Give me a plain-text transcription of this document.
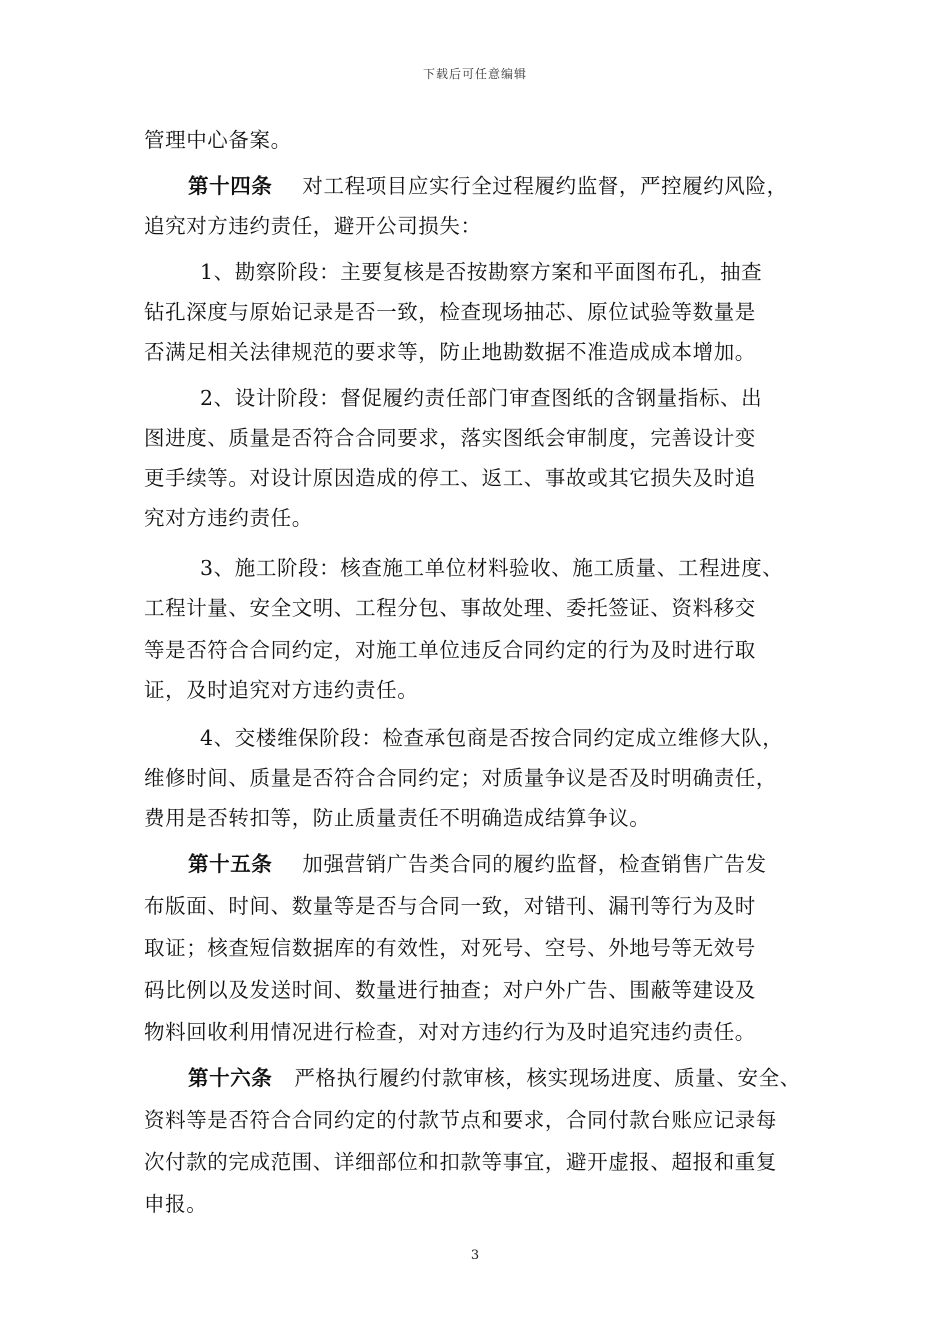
下载后可任意编辑
管理中心备案。
第十四条 对工程项目应实行全过程履约监督，严控履约风险，
追究对方违约责任，避开公司损失：
1、勘察阶段：主要复核是否按勘察方案和平面图布孔，抽查
钻孔深度与原始记录是否一致，检查现场抽芯、原位试验等数量是
否满足相关法律规范的要求等，防止地勘数据不准造成成本增加。
2、设计阶段：督促履约责任部门审查图纸的含钢量指标、出
图进度、质量是否符合合同要求，落实图纸会审制度，完善设计变
更手续等。对设计原因造成的停工、返工、事故或其它损失及时追
究对方违约责任。
3、施工阶段：核查施工单位材料验收、施工质量、工程进度、
工程计量、安全文明、工程分包、事故处理、委托签证、资料移交
等是否符合合同约定，对施工单位违反合同约定的行为及时进行取
证，及时追究对方违约责任。
4、交楼维保阶段：检查承包商是否按合同约定成立维修大队，
维修时间、质量是否符合合同约定；对质量争议是否及时明确责任，
费用是否转扣等，防止质量责任不明确造成结算争议。
第十五条 加强营销广告类合同的履约监督，检查销售广告发
布版面、时间、数量等是否与合同一致，对错刊、漏刊等行为及时
取证；核查短信数据库的有效性，对死号、空号、外地号等无效号
码比例以及发送时间、数量进行抽查；对户外广告、围蔽等建设及
物料回收利用情况进行检查，对对方违约行为及时追究违约责任。
第十六条 严格执行履约付款审核，核实现场进度、质量、安全、
资料等是否符合合同约定的付款节点和要求，合同付款台账应记录每
次付款的完成范围、详细部位和扣款等事宜，避开虚报、超报和重复
申报。
3
